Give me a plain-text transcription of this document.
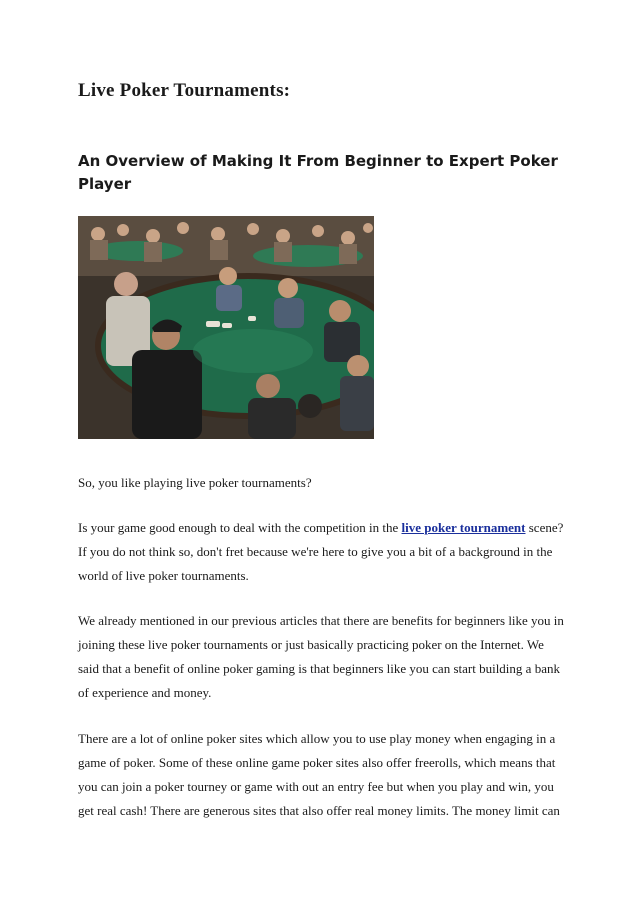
Live Poker Tournaments:
An Overview of Making It From Beginner to Expert Poker Player

So, you like playing live poker tournaments?

Is your game good enough to deal with the competition in the live poker tournament scene? If you do not think so, don't fret because we're here to give you a bit of a background in the world of live poker tournaments.

We already mentioned in our previous articles that there are benefits for beginners like you in joining these live poker tournaments or just basically practicing poker on the Internet. We said that a benefit of online poker gaming is that beginners like you can start building a bank of experience and money.

There are a lot of online poker sites which allow you to use play money when engaging in a game of poker. Some of these online game poker sites also offer freerolls, which means that you can join a poker tourney or game with out an entry fee but when you play and win, you get real cash! There are generous sites that also offer real money limits. The money limit can
